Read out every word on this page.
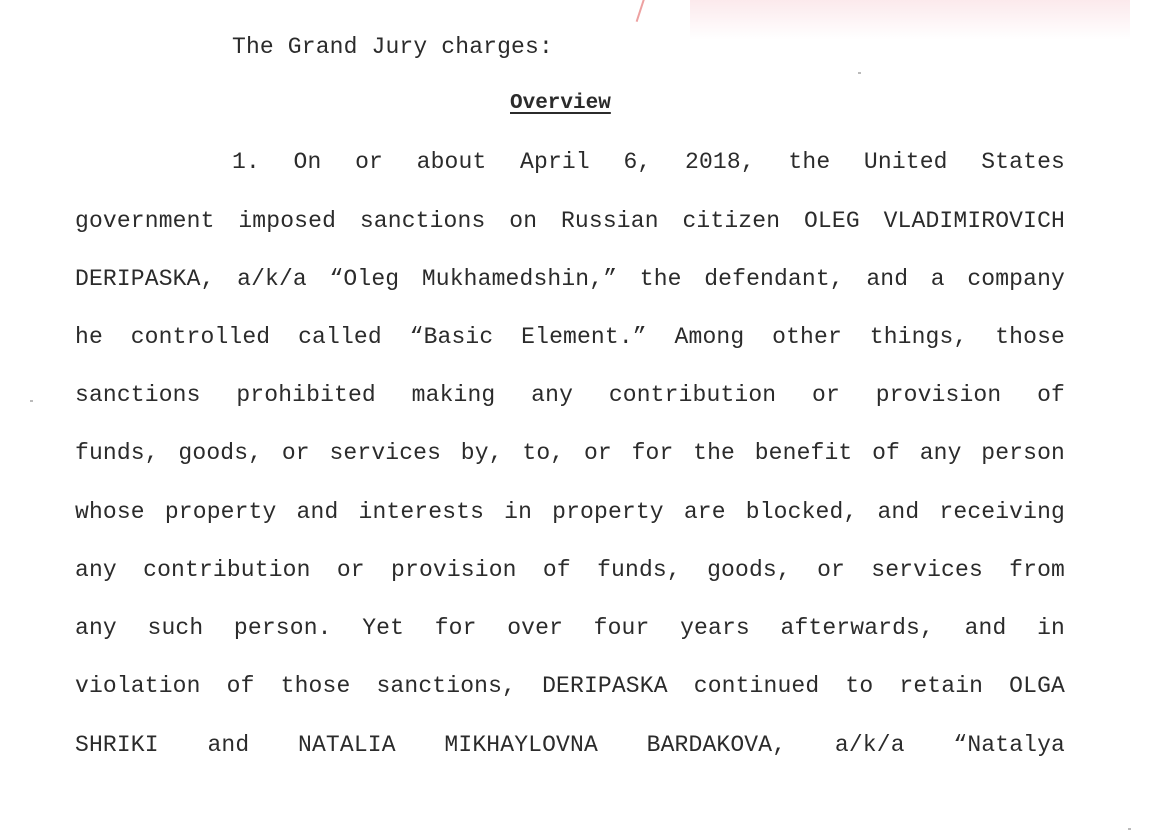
The Grand Jury charges:
Overview
1. On or about April 6, 2018, the United States
government imposed sanctions on Russian citizen OLEG VLADIMIROVICH
DERIPASKA, a/k/a “Oleg Mukhamedshin,” the defendant, and a company
he controlled called “Basic Element.” Among other things, those
sanctions prohibited making any contribution or provision of
funds, goods, or services by, to, or for the benefit of any person
whose property and interests in property are blocked, and receiving
any contribution or provision of funds, goods, or services from
any such person. Yet for over four years afterwards, and in
violation of those sanctions, DERIPASKA continued to retain OLGA
SHRIKI and NATALIA MIKHAYLOVNA BARDAKOVA, a/k/a “Natalya
